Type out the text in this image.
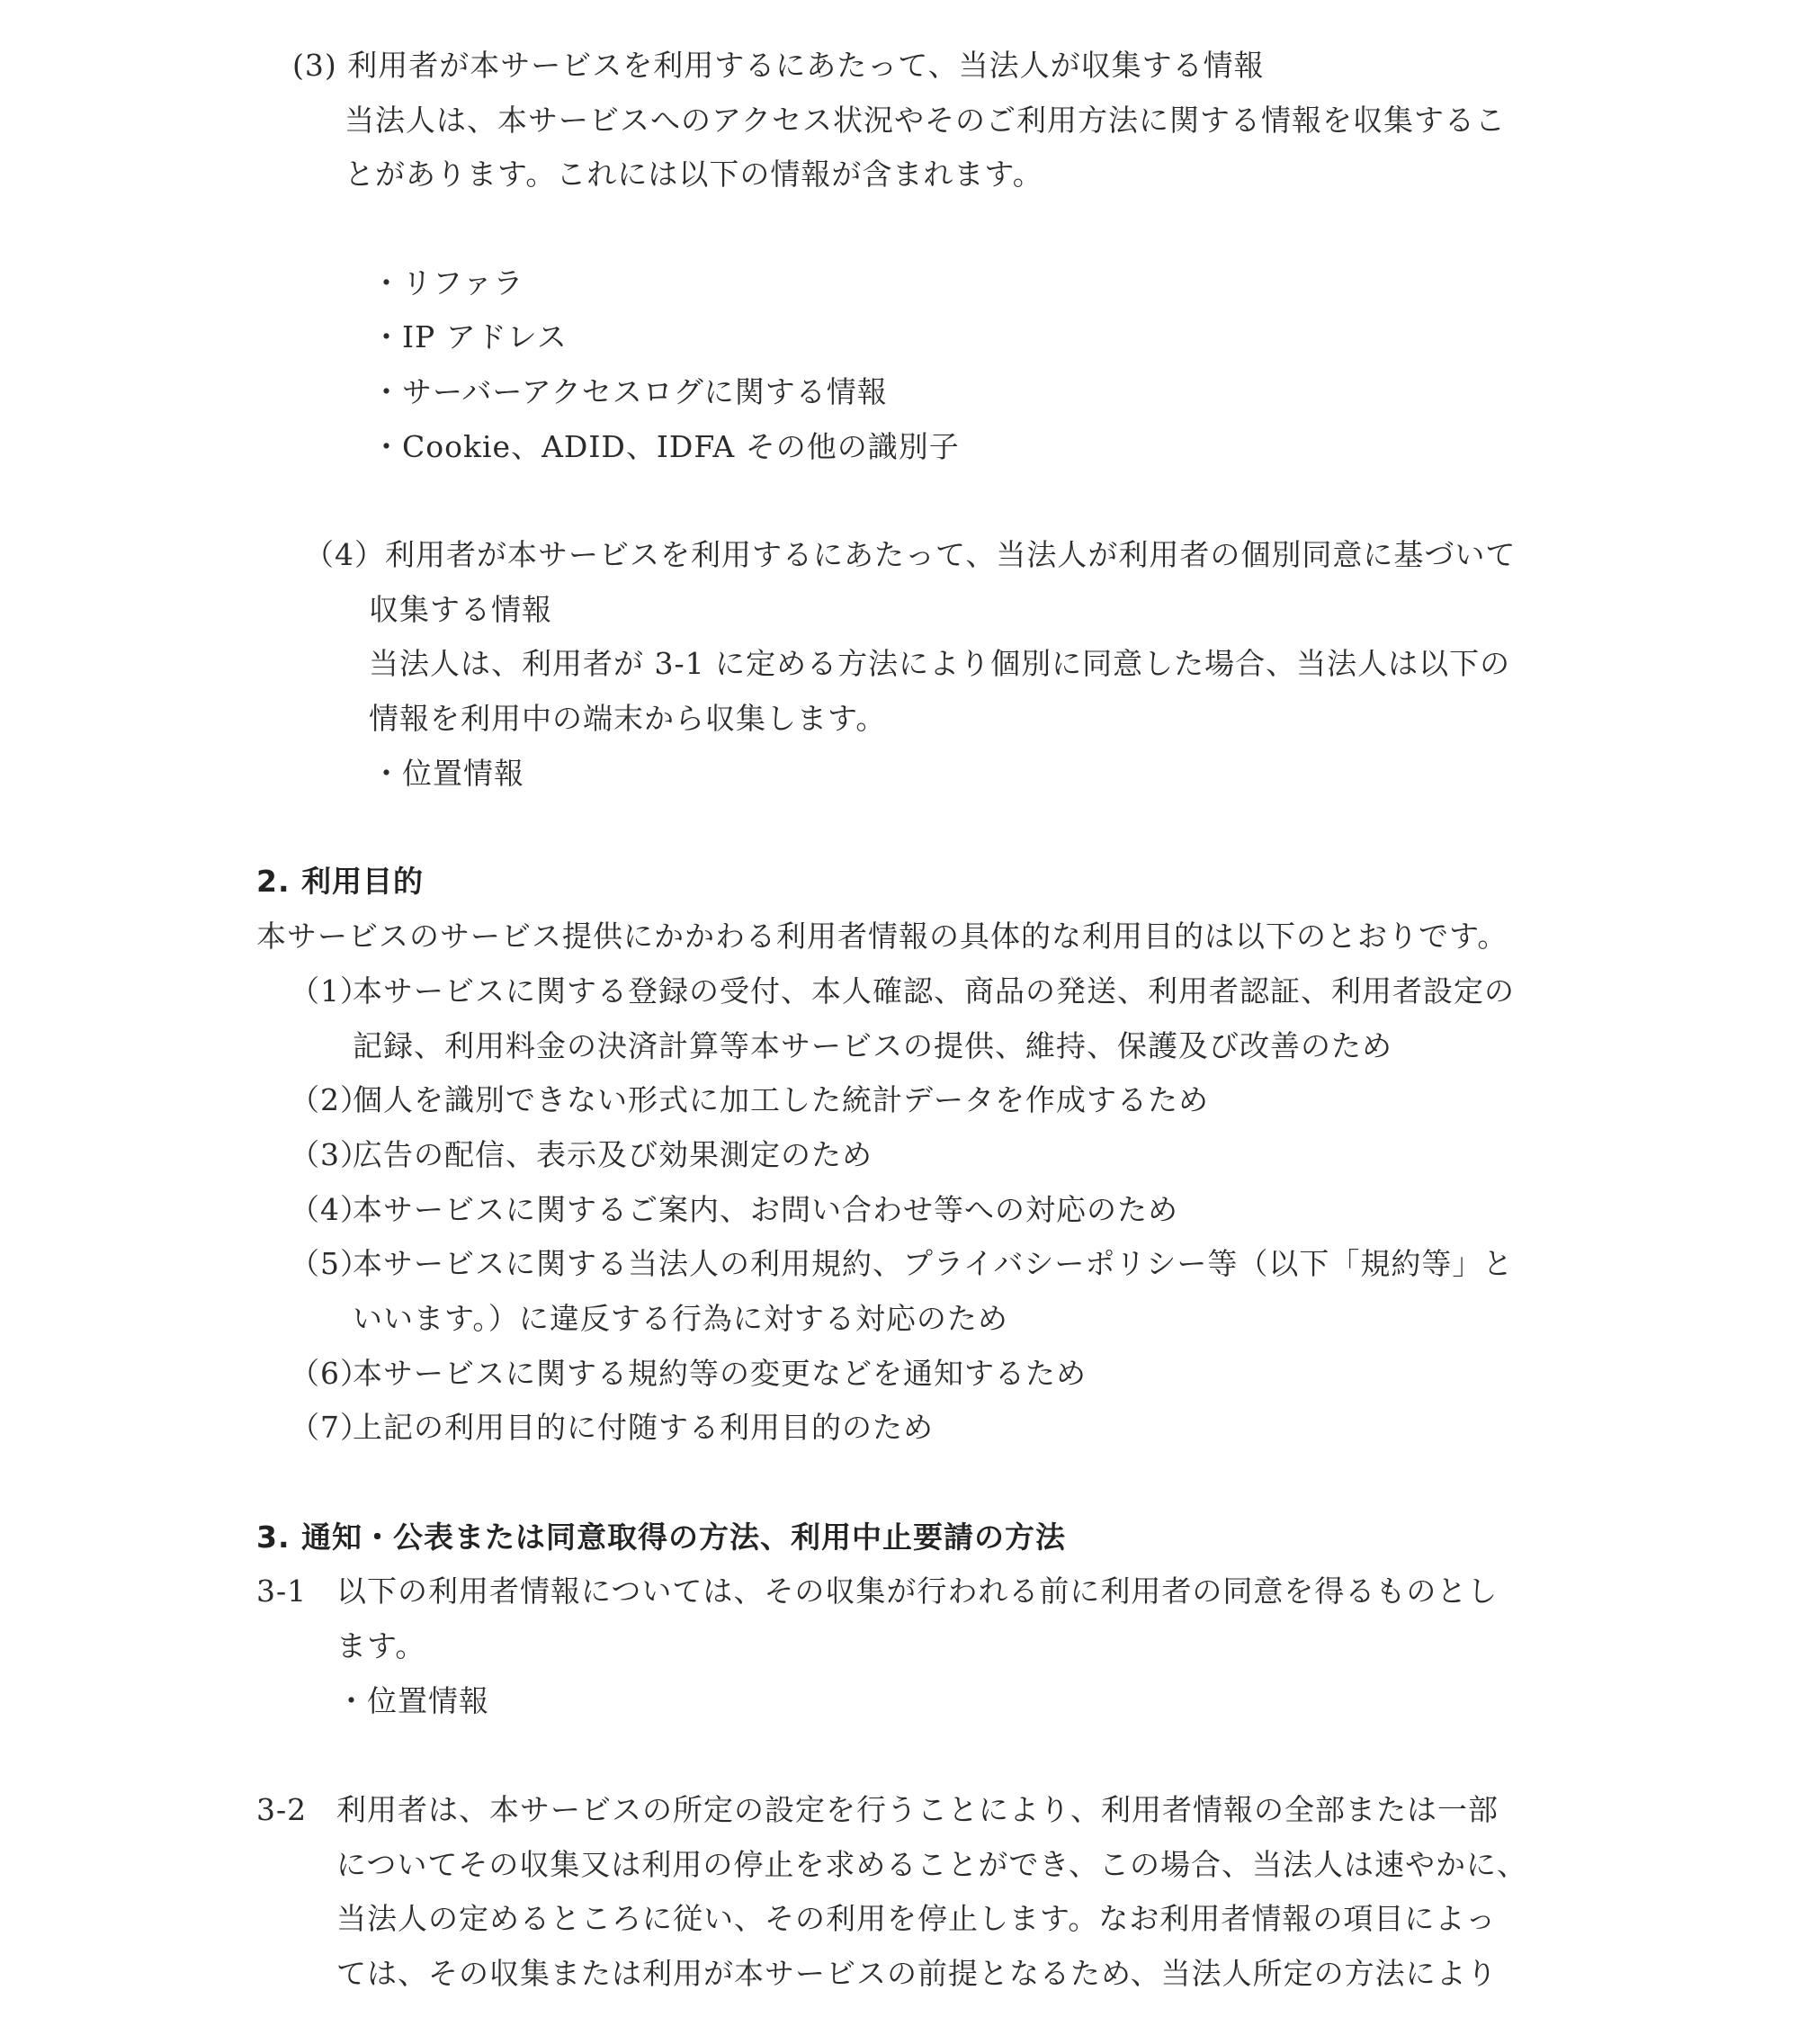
(3) 利用者が本サービスを利用するにあたって、当法人が収集する情報
当法人は、本サービスへのアクセス状況やそのご利用方法に関する情報を収集するこ
とがあります。これには以下の情報が含まれます。
・リファラ
・IP アドレス
・サーバーアクセスログに関する情報
・Cookie、ADID、IDFA その他の識別子
（4）利用者が本サービスを利用するにあたって、当法人が利用者の個別同意に基づいて
収集する情報
当法人は、利用者が 3-1 に定める方法により個別に同意した場合、当法人は以下の
情報を利用中の端末から収集します。
・位置情報
2. 利用目的
本サービスのサービス提供にかかわる利用者情報の具体的な利用目的は以下のとおりです。
（1）
本サービスに関する登録の受付、本人確認、商品の発送、利用者認証、利用者設定の
記録、利用料金の決済計算等本サービスの提供、維持、保護及び改善のため
（2）
個人を識別できない形式に加工した統計データを作成するため
（3）
広告の配信、表示及び効果測定のため
（4）
本サービスに関するご案内、お問い合わせ等への対応のため
（5）
本サービスに関する当法人の利用規約、プライバシーポリシー等（以下「規約等」と
いいます。）に違反する行為に対する対応のため
（6）
本サービスに関する規約等の変更などを通知するため
（7）
上記の利用目的に付随する利用目的のため
3. 通知・公表または同意取得の方法、利用中止要請の方法
3-1 以下の利用者情報については、その収集が行われる前に利用者の同意を得るものとし
ます。
・位置情報
3-2 利用者は、本サービスの所定の設定を行うことにより、利用者情報の全部または一部
についてその収集又は利用の停止を求めることができ、この場合、当法人は速やかに、
当法人の定めるところに従い、その利用を停止します。なお利用者情報の項目によっ
ては、その収集または利用が本サービスの前提となるため、当法人所定の方法により
